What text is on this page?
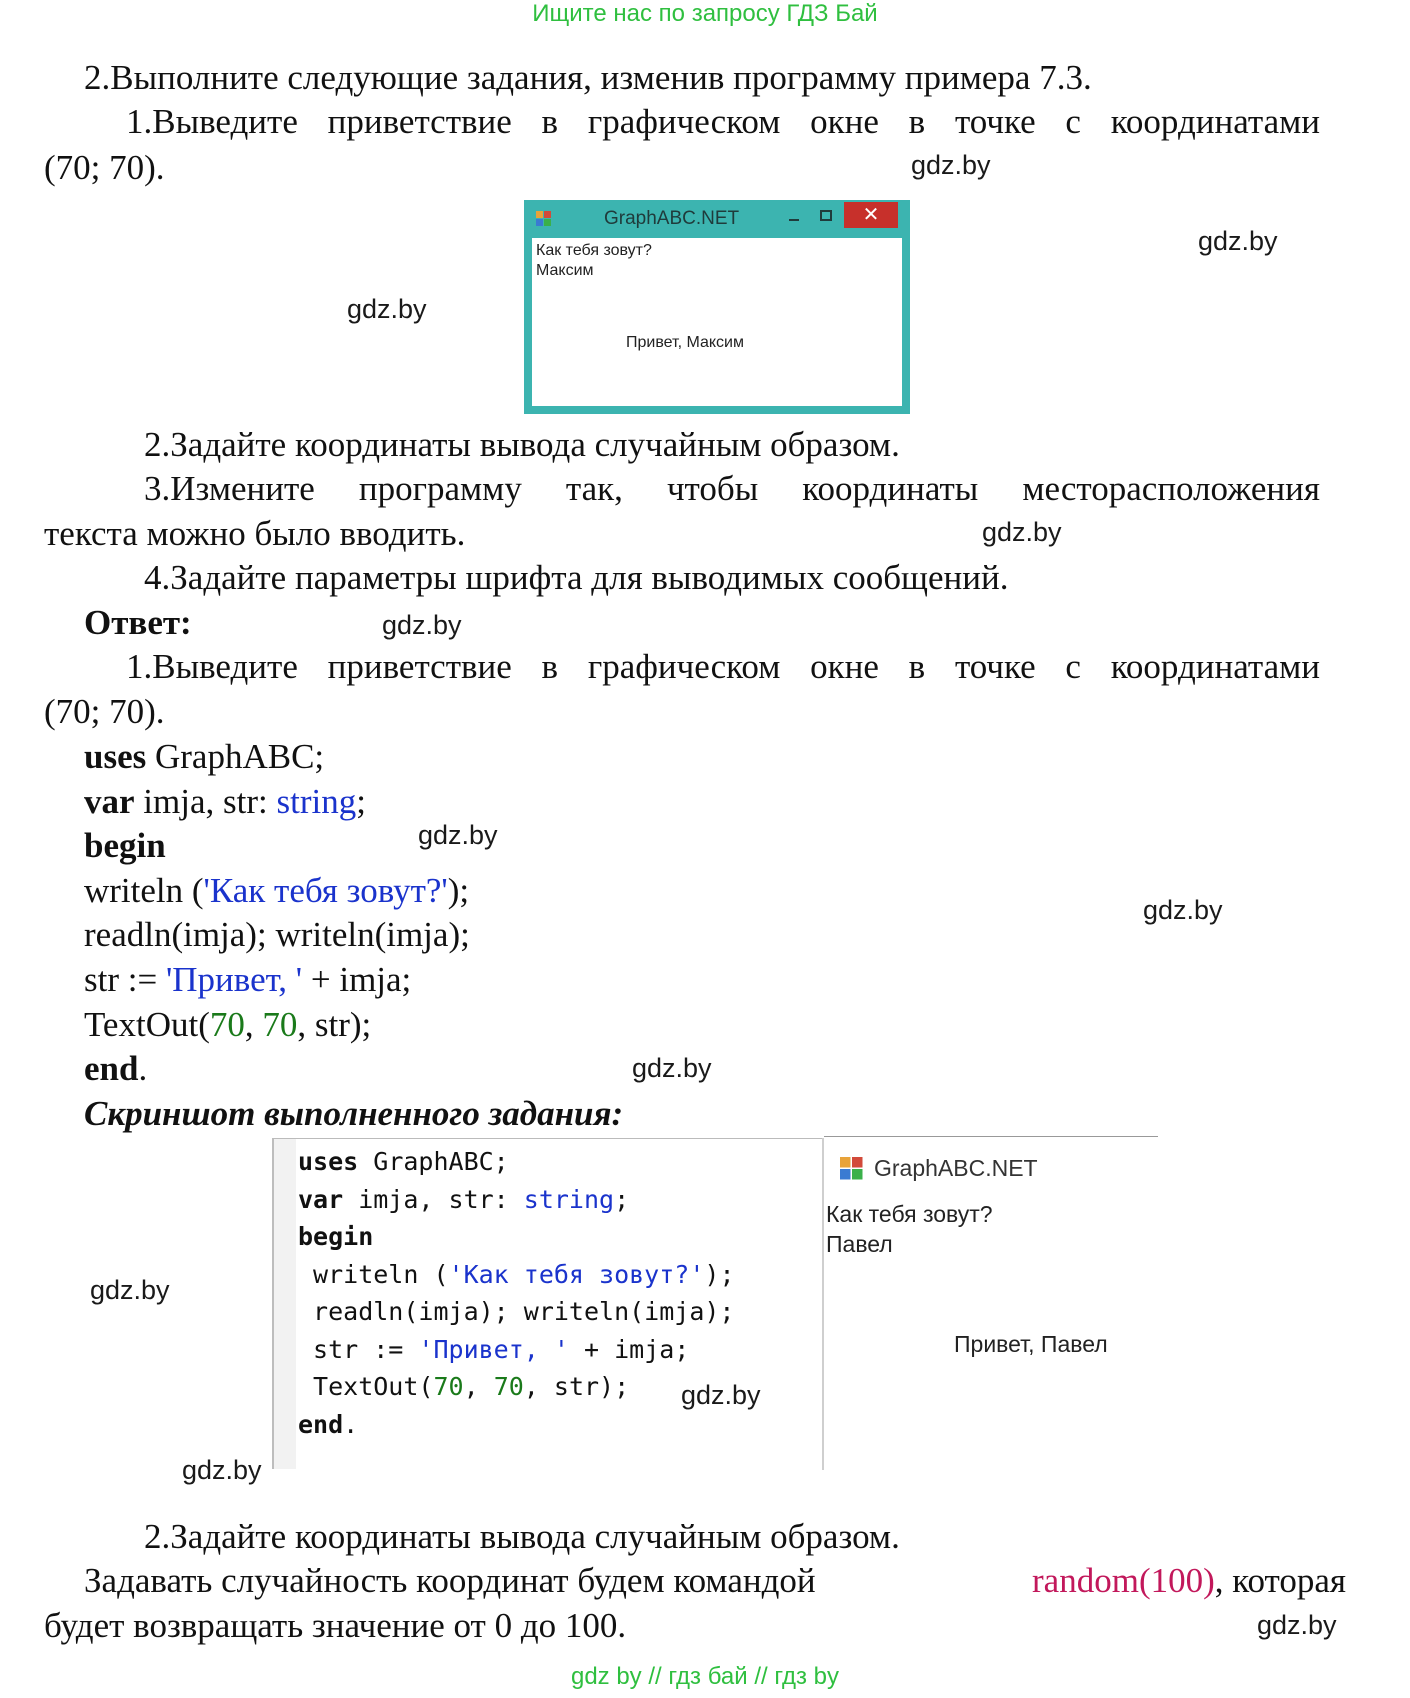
Ищите нас по запросу ГДЗ Бай
2.Выполните следующие задания, изменив программу примера 7.3.
1.Выведите приветствие в графическом окне в точке с координатами
(70; 70).	gdz.by
gdz.by
gdz.by
GraphABC.NET	✕
Как тебя зовут?
Максим
Привет, Максим
2.Задайте координаты вывода случайным образом.
3.Измените программу так, чтобы координаты месторасположения
текста можно было вводить.	gdz.by
4.Задайте параметры шрифта для выводимых сообщений.
Ответ:	gdz.by
1.Выведите приветствие в графическом окне в точке с координатами
(70; 70).
uses GraphABC;
var imja, str: string;
begin	gdz.by
writeln ('Как тебя зовут?');	gdz.by
readln(imja); writeln(imja);
str := 'Привет, ' + imja;
TextOut(70, 70, str);
end.	gdz.by
Скриншот выполненного задания:
uses GraphABC;
var imja, str: string;
begin
writeln ('Как тебя зовут?');
readln(imja); writeln(imja);
str := 'Привет, ' + imja;
TextOut(70, 70, str);
end.
GraphABC.NET
Как тебя зовут?
Павел
Привет, Павел
gdz.by
gdz.by
gdz.by
2.Задайте координаты вывода случайным образом.
Задавать случайность координат будем командой	random(100), которая
будет возвращать значение от 0 до 100.	gdz.by
gdz by // гдз бай // гдз by
